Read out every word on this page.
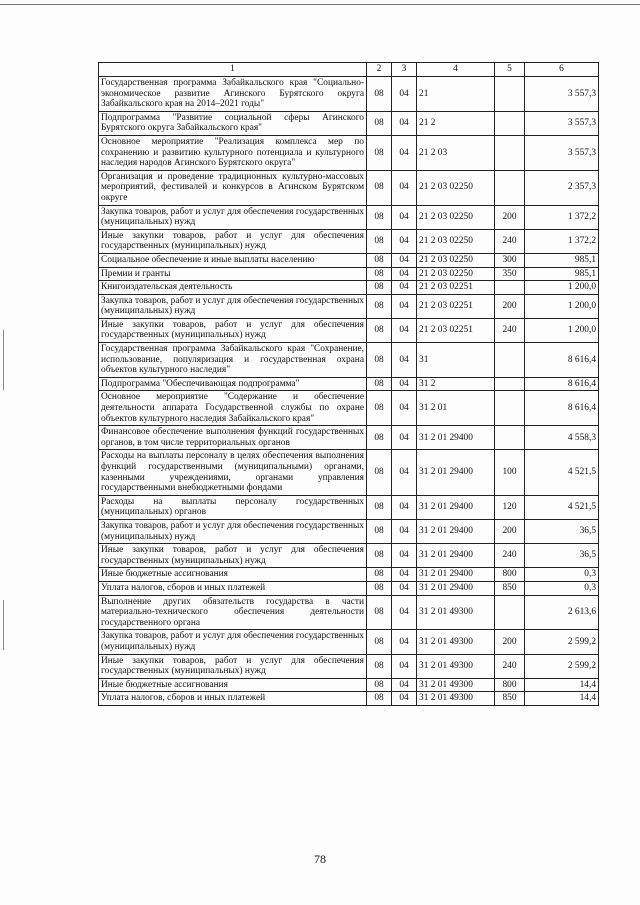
1	2	3	4	5	6
Государственная программа Забайкальского края "Социально-экономическое развитие Агинского Бурятского округа Забайкальского края на 2014–2021 годы"	08	04	21		3 557,3
Подпрограмма "Развитие социальной сферы Агинского Бурятского округа Забайкальского края"	08	04	21 2		3 557,3
Основное мероприятие "Реализация комплекса мер по сохранению и развитию культурного потенциала и культурного наследия народов Агинского Бурятского округа"	08	04	21 2 03		3 557,3
Организация и проведение традиционных культурно-массовых мероприятий, фестивалей и конкурсов в Агинском Бурятском округе	08	04	21 2 03 02250		2 357,3
Закупка товаров, работ и услуг для обеспечения государственных (муниципальных) нужд	08	04	21 2 03 02250	200	1 372,2
Иные закупки товаров, работ и услуг для обеспечения государственных (муниципальных) нужд	08	04	21 2 03 02250	240	1 372,2
Социальное обеспечение и иные выплаты населению	08	04	21 2 03 02250	300	985,1
Премии и гранты	08	04	21 2 03 02250	350	985,1
Книгоиздательская деятельность	08	04	21 2 03 02251		1 200,0
Закупка товаров, работ и услуг для обеспечения государственных (муниципальных) нужд	08	04	21 2 03 02251	200	1 200,0
Иные закупки товаров, работ и услуг для обеспечения государственных (муниципальных) нужд	08	04	21 2 03 02251	240	1 200,0
Государственная программа Забайкальского края "Сохранение, использование, популяризация и государственная охрана объектов культурного наследия"	08	04	31		8 616,4
Подпрограмма "Обеспечивающая подпрограмма"	08	04	31 2		8 616,4
Основное мероприятие "Содержание и обеспечение деятельности аппарата Государственной службы по охране объектов культурного наследия Забайкальского края"	08	04	31 2 01		8 616,4
Финансовое обеспечение выполнения функций государственных органов, в том числе территориальных органов	08	04	31 2 01 29400		4 558,3
Расходы на выплаты персоналу в целях обеспечения выполнения функций государственными (муниципальными) органами, казенными учреждениями, органами управления государственными внебюджетными фондами	08	04	31 2 01 29400	100	4 521,5
Расходы на выплаты персоналу государственных (муниципальных) органов	08	04	31 2 01 29400	120	4 521,5
Закупка товаров, работ и услуг для обеспечения государственных (муниципальных) нужд	08	04	31 2 01 29400	200	36,5
Иные закупки товаров, работ и услуг для обеспечения государственных (муниципальных) нужд	08	04	31 2 01 29400	240	36,5
Иные бюджетные ассигнования	08	04	31 2 01 29400	800	0,3
Уплата налогов, сборов и иных платежей	08	04	31 2 01 29400	850	0,3
Выполнение других обязательств государства в части материально-технического обеспечения деятельности государственного органа	08	04	31 2 01 49300		2 613,6
Закупка товаров, работ и услуг для обеспечения государственных (муниципальных) нужд	08	04	31 2 01 49300	200	2 599,2
Иные закупки товаров, работ и услуг для обеспечения государственных (муниципальных) нужд	08	04	31 2 01 49300	240	2 599,2
Иные бюджетные ассигнования	08	04	31 2 01 49300	800	14,4
Уплата налогов, сборов и иных платежей	08	04	31 2 01 49300	850	14,4
78
